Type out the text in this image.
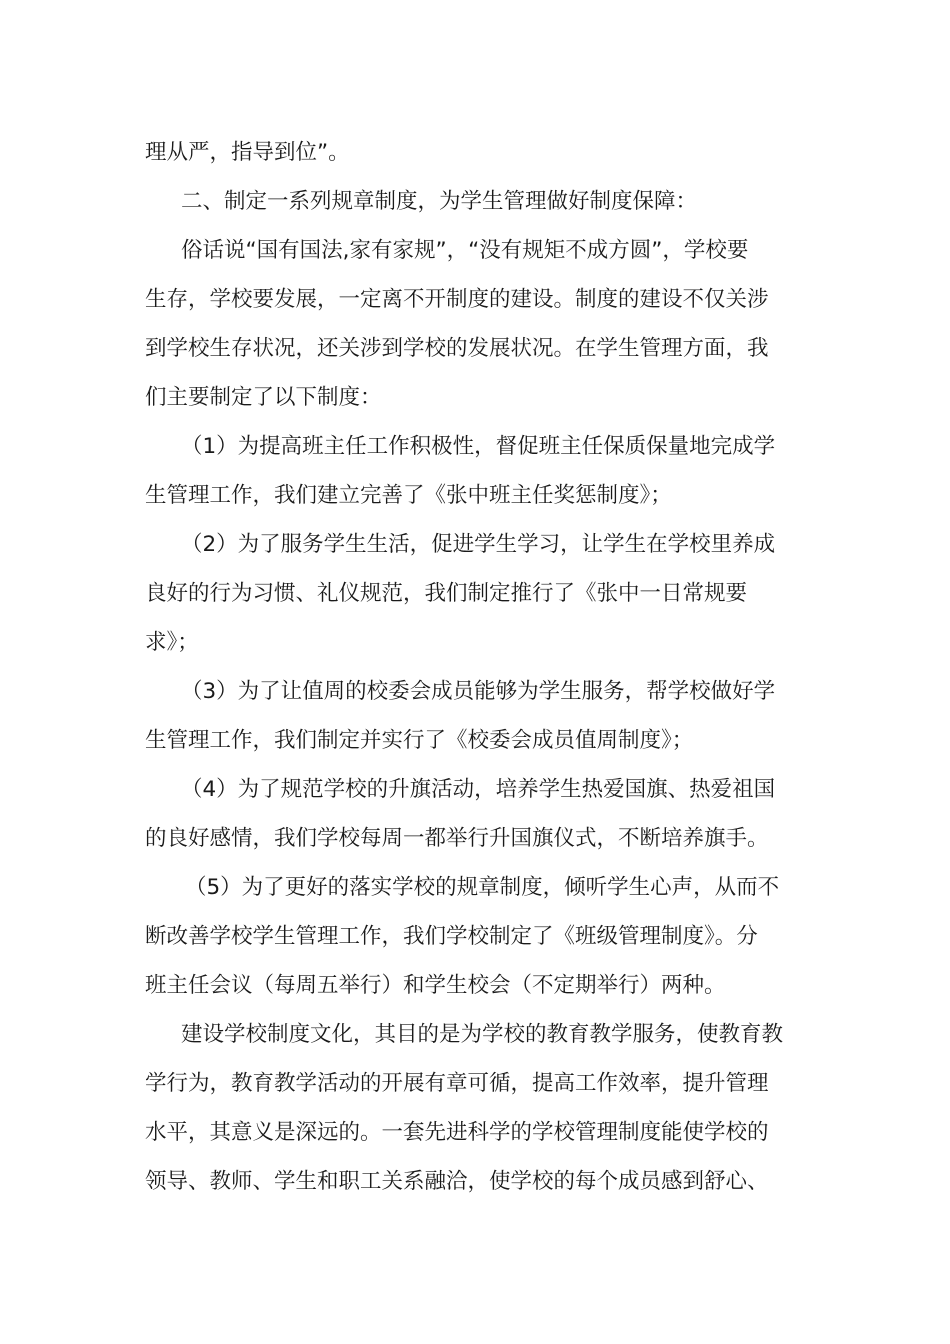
理从严，指导到位”。
二、制定一系列规章制度，为学生管理做好制度保障：
俗话说“国有国法,家有家规”，“没有规矩不成方圆”，学校要
生存，学校要发展，一定离不开制度的建设。制度的建设不仅关涉
到学校生存状况，还关涉到学校的发展状况。在学生管理方面，我
们主要制定了以下制度：
（1）为提高班主任工作积极性，督促班主任保质保量地完成学
生管理工作，我们建立完善了《张中班主任奖惩制度》；
（2）为了服务学生生活，促进学生学习，让学生在学校里养成
良好的行为习惯、礼仪规范，我们制定推行了《张中一日常规要
求》；
（3）为了让值周的校委会成员能够为学生服务，帮学校做好学
生管理工作，我们制定并实行了《校委会成员值周制度》；
（4）为了规范学校的升旗活动，培养学生热爱国旗、热爱祖国
的良好感情，我们学校每周一都举行升国旗仪式，不断培养旗手。
（5）为了更好的落实学校的规章制度，倾听学生心声，从而不
断改善学校学生管理工作，我们学校制定了《班级管理制度》。分
班主任会议（每周五举行）和学生校会（不定期举行）两种。
建设学校制度文化，其目的是为学校的教育教学服务，使教育教
学行为，教育教学活动的开展有章可循，提高工作效率，提升管理
水平，其意义是深远的。一套先进科学的学校管理制度能使学校的
领导、教师、学生和职工关系融洽，使学校的每个成员感到舒心、
